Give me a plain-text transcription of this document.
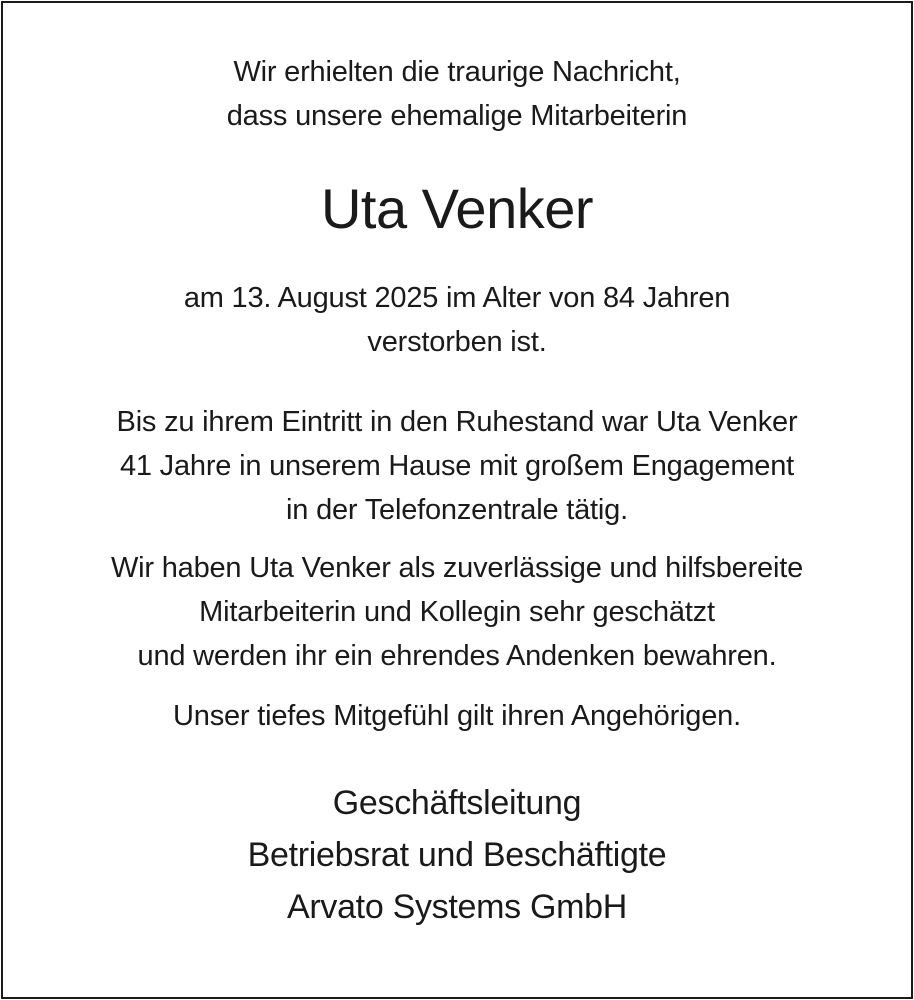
Wir erhielten die traurige Nachricht,

dass unsere ehemalige Mitarbeiterin

Uta Venker

am 13. August 2025 im Alter von 84 Jahren

verstorben ist.

Bis zu ihrem Eintritt in den Ruhestand war Uta Venker

41 Jahre in unserem Hause mit großem Engagement

in der Telefonzentrale tätig.

Wir haben Uta Venker als zuverlässige und hilfsbereite

Mitarbeiterin und Kollegin sehr geschätzt

und werden ihr ein ehrendes Andenken bewahren.

Unser tiefes Mitgefühl gilt ihren Angehörigen.

Geschäftsleitung

Betriebsrat und Beschäftigte

Arvato Systems GmbH
